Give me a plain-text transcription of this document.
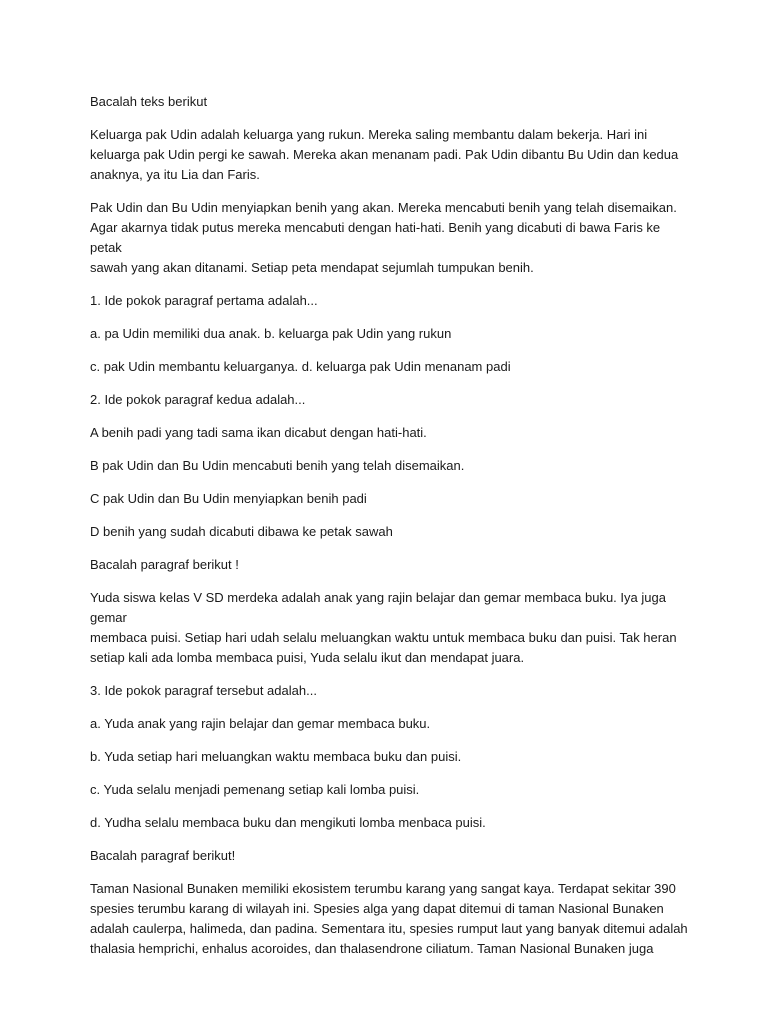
Bacalah teks berikut

Keluarga pak Udin adalah keluarga yang rukun. Mereka saling membantu dalam bekerja. Hari ini
keluarga pak Udin pergi ke sawah. Mereka akan menanam padi. Pak Udin dibantu Bu Udin dan kedua
anaknya, ya itu Lia dan Faris.

Pak Udin dan Bu Udin menyiapkan benih yang akan. Mereka mencabuti benih yang telah disemaikan.
Agar akarnya tidak putus mereka mencabuti dengan hati-hati. Benih yang dicabuti di bawa Faris ke petak
sawah yang akan ditanami. Setiap peta mendapat sejumlah tumpukan benih.

1. Ide pokok paragraf pertama adalah...

a. pa Udin memiliki dua anak. b. keluarga pak Udin yang rukun

c. pak Udin membantu keluarganya. d. keluarga pak Udin menanam padi

2. Ide pokok paragraf kedua adalah...

A benih padi yang tadi sama ikan dicabut dengan hati-hati.

B pak Udin dan Bu Udin mencabuti benih yang telah disemaikan.

C pak Udin dan Bu Udin menyiapkan benih padi

D benih yang sudah dicabuti dibawa ke petak sawah

Bacalah paragraf berikut !

Yuda siswa kelas V SD merdeka adalah anak yang rajin belajar dan gemar membaca buku. Iya juga gemar
membaca puisi. Setiap hari udah selalu meluangkan waktu untuk membaca buku dan puisi. Tak heran
setiap kali ada lomba membaca puisi, Yuda selalu ikut dan mendapat juara.

3. Ide pokok paragraf tersebut adalah...

a. Yuda anak yang rajin belajar dan gemar membaca buku.

b. Yuda setiap hari meluangkan waktu membaca buku dan puisi.

c. Yuda selalu menjadi pemenang setiap kali lomba puisi.

d. Yudha selalu membaca buku dan mengikuti lomba menbaca puisi.

Bacalah paragraf berikut!

Taman Nasional Bunaken memiliki ekosistem terumbu karang yang sangat kaya. Terdapat sekitar 390
spesies terumbu karang di wilayah ini. Spesies alga yang dapat ditemui di taman Nasional Bunaken
adalah caulerpa, halimeda, dan padina. Sementara itu, spesies rumput laut yang banyak ditemui adalah
thalasia hemprichi, enhalus acoroides, dan thalasendrone ciliatum. Taman Nasional Bunaken juga
